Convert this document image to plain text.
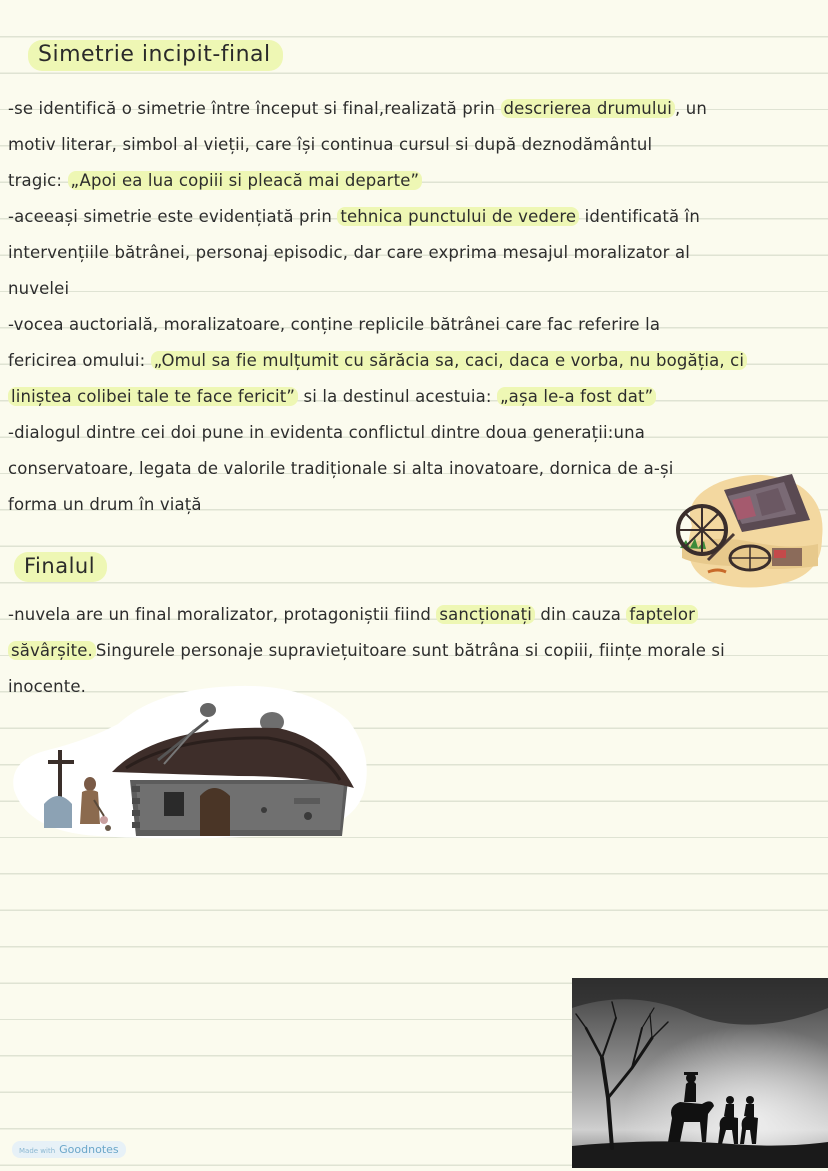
Simetrie incipit-final
-se identifică o simetrie între început si final,realizată prin descrierea drumului , un
motiv literar, simbol al vieții, care își continua cursul si după deznodământul
tragic: „Apoi ea lua copiii si pleacă mai departe”
-aceeași simetrie este evidențiată prin tehnica punctului de vedere identificată în
intervențiile bătrânei, personaj episodic, dar care exprima mesajul moralizator al
nuvelei
-vocea auctorială, moralizatoare, conține replicile bătrânei care fac referire la
fericirea omului: „Omul sa fie mulțumit cu sărăcia sa, caci, daca e vorba, nu bogăția, ci
liniștea colibei tale te face fericit” si la destinul acestuia: „așa le-a fost dat”
-dialogul dintre cei doi pune in evidenta conflictul dintre doua generații:una
conservatoare, legata de valorile tradiționale si alta inovatoare, dornica de a-și
forma un drum în viață
Finalul
-nuvela are un final moralizator, protagoniștii fiind sancționați din cauza faptelor
săvârșite. Singurele personaje supraviețuitoare sunt bătrâna si copiii, ființe morale si
inocente.
Made with Goodnotes
